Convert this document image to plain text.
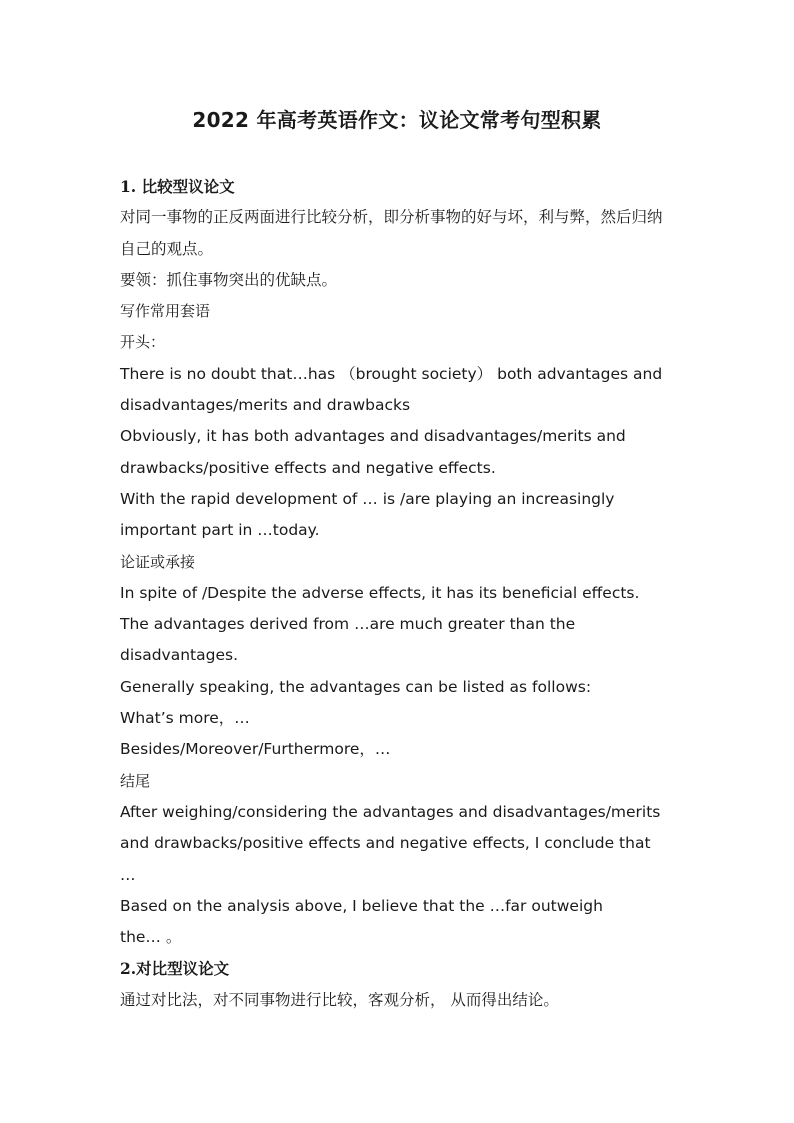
2022 年高考英语作文：议论文常考句型积累

1. 比较型议论文

对同一事物的正反两面进行比较分析，即分析事物的好与坏，利与弊，然后归纳

自己的观点。

要领：抓住事物突出的优缺点。

写作常用套语

开头：

There is no doubt that…has （brought society） both advantages and

disadvantages/merits and drawbacks

Obviously, it has both advantages and disadvantages/merits and

drawbacks/positive effects and negative effects.

With the rapid development of … is /are playing an increasingly

important part in …today.

论证或承接

In spite of /Despite the adverse effects, it has its beneficial effects.

The advantages derived from …are much greater than the

disadvantages.

Generally speaking, the advantages can be listed as follows:

What’s more，…

Besides/Moreover/Furthermore，…

结尾

After weighing/considering the advantages and disadvantages/merits

and drawbacks/positive effects and negative effects, I conclude that

…

Based on the analysis above, I believe that the …far outweigh

the… 。

2.对比型议论文

通过对比法，对不同事物进行比较，客观分析， 从而得出结论。
